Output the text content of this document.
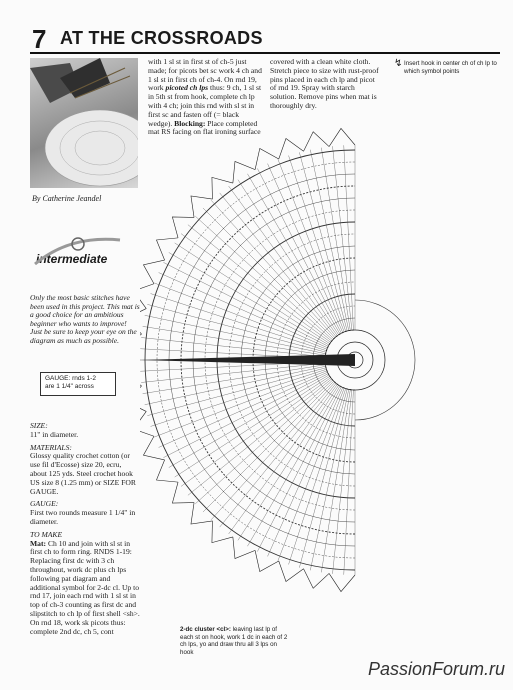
7 AT THE CROSSROADS
By Catherine Jeandel
intermediate
Only the most basic stitches have been used in this project. This mat is a good choice for an ambitious beginner who wants to improve! Just be sure to keep your eye on the diagram as much as possible.
GAUGE: rnds 1-2
are 1 1/4" across
SIZE:
11" in diameter.
MATERIALS:
Glossy quality crochet cotton (or use fil d'Ecosse) size 20, ecru, about 125 yds. Steel crochet hook US size 8 (1.25 mm) or SIZE FOR GAUGE.
GAUGE:
First two rounds measure 1 1/4" in diameter.
TO MAKE
Mat: Ch 10 and join with sl st in first ch to form ring. RNDS 1-19: Replacing first dc with 3 ch throughout, work dc plus ch lps following pat diagram and additional symbol for 2-dc cl. Up to rnd 17, join each rnd with 1 sl st in top of ch-3 counting as first dc and slipstitch to ch lp of first shell <sh>. On rnd 18, work sk picots thus: complete 2nd dc, ch 5, cont
with 1 sl st in first st of ch-5 just made; for picots bet sc work 4 ch and 1 sl st in first ch of ch-4. On rnd 19, work picoted ch lps thus: 9 ch, 1 sl st in 5th st from hook, complete ch lp with 4 ch; join this rnd with sl st in first sc and fasten off (= black wedge). Blocking: Place completed mat RS facing on flat ironing surface
covered with a clean white cloth. Stretch piece to size with rust-proof pins placed in each ch lp and picot of rnd 19. Spray with starch solution. Remove pins when mat is thoroughly dry.
↯ Insert hook in center ch of ch lp to which symbol points
2-dc cluster <cl>: leaving last lp of each st on hook, work 1 dc in each of 2 ch lps, yo and draw thru all 3 lps on hook
PassionForum.ru
